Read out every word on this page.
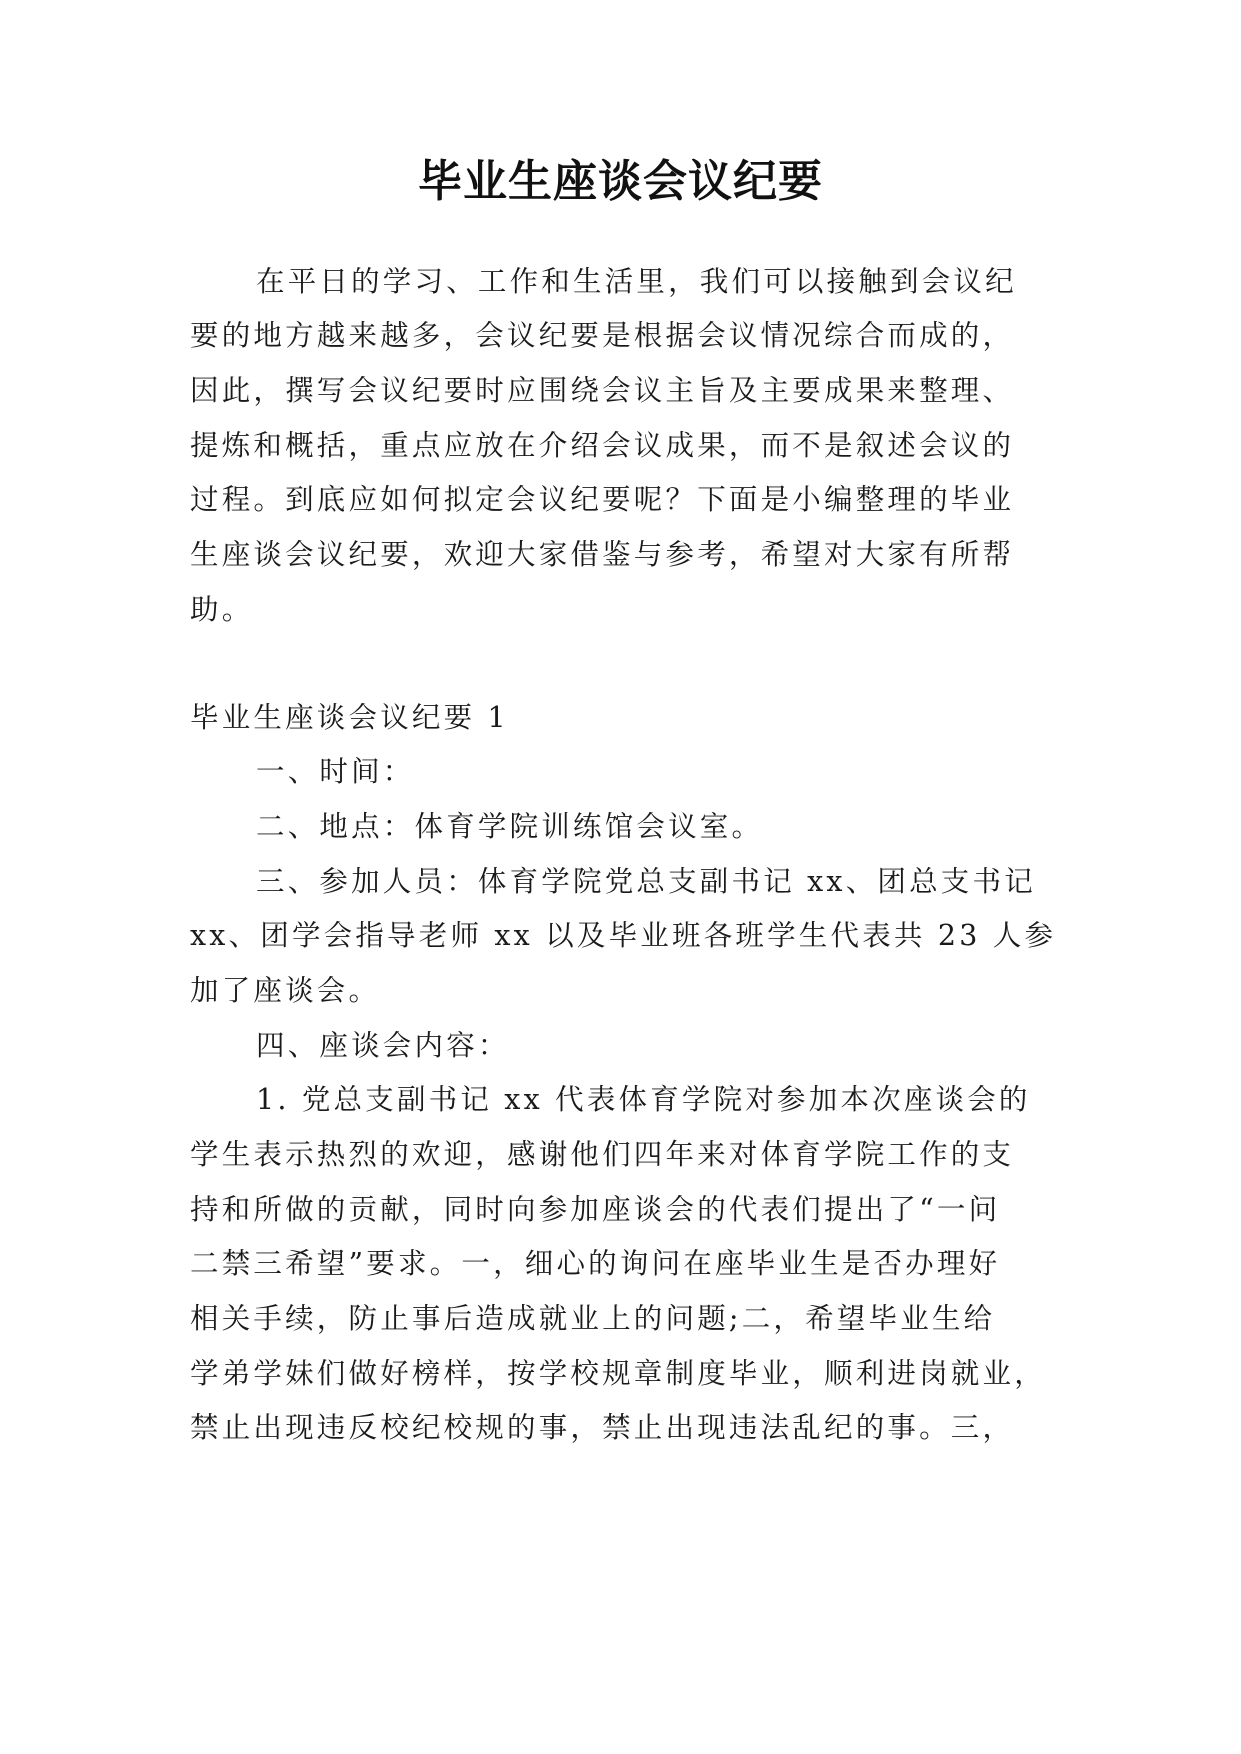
毕业生座谈会议纪要

在平日的学习、工作和生活里，我们可以接触到会议纪

要的地方越来越多，会议纪要是根据会议情况综合而成的，

因此，撰写会议纪要时应围绕会议主旨及主要成果来整理、

提炼和概括，重点应放在介绍会议成果，而不是叙述会议的

过程。到底应如何拟定会议纪要呢？下面是小编整理的毕业

生座谈会议纪要，欢迎大家借鉴与参考，希望对大家有所帮

助。

毕业生座谈会议纪要 1

一、时间：

二、地点：体育学院训练馆会议室。

三、参加人员：体育学院党总支副书记 xx、团总支书记

xx、团学会指导老师 xx 以及毕业班各班学生代表共 23 人参

加了座谈会。

四、座谈会内容：

1. 党总支副书记 xx 代表体育学院对参加本次座谈会的

学生表示热烈的欢迎，感谢他们四年来对体育学院工作的支

持和所做的贡献，同时向参加座谈会的代表们提出了“一问

二禁三希望”要求。一，细心的询问在座毕业生是否办理好

相关手续，防止事后造成就业上的问题;二，希望毕业生给

学弟学妹们做好榜样，按学校规章制度毕业，顺利进岗就业，

禁止出现违反校纪校规的事，禁止出现违法乱纪的事。三，
